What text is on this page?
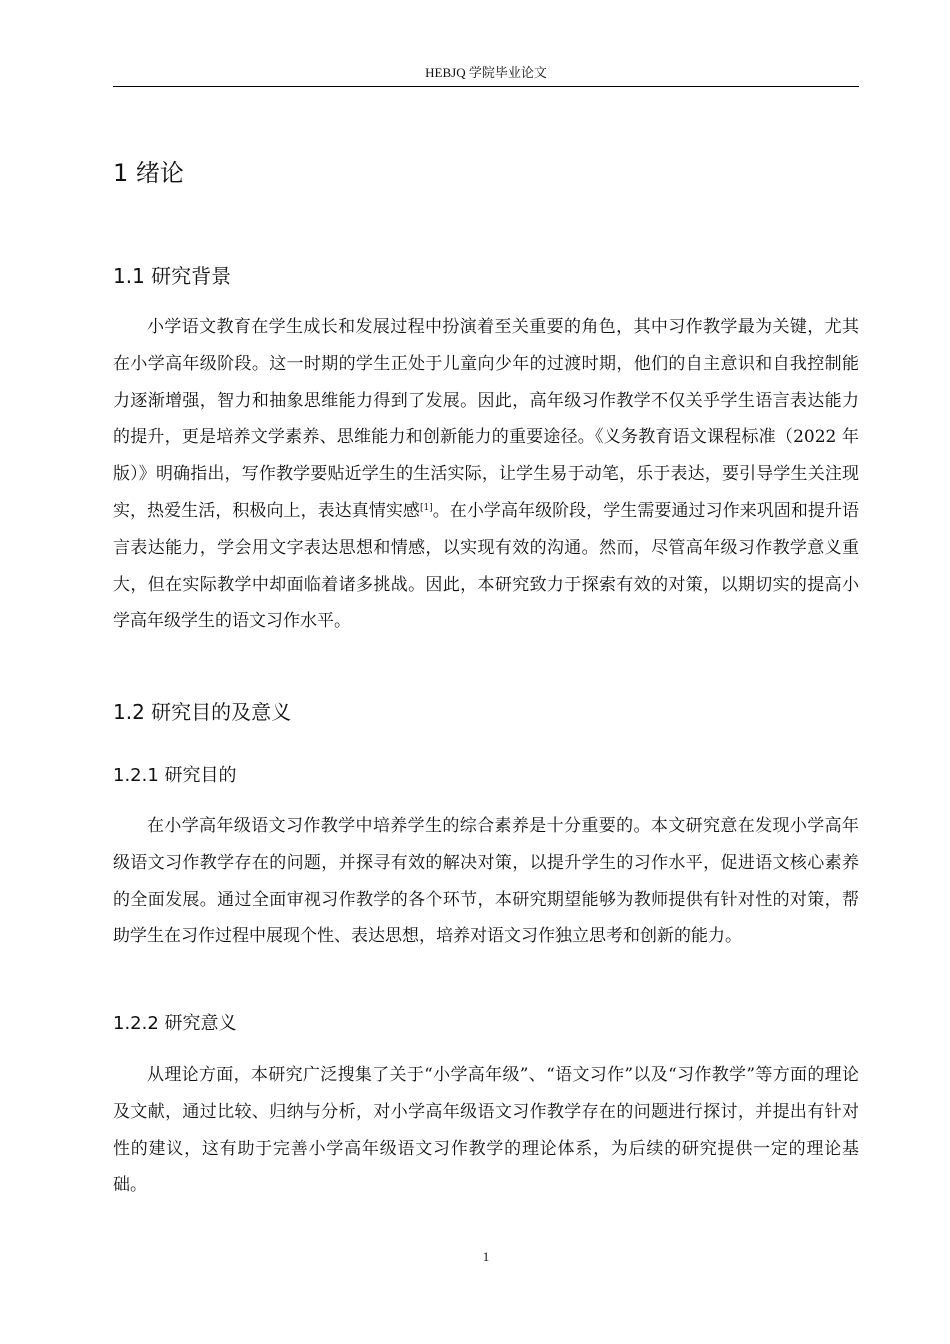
HEBJQ 学院毕业论文
1 绪论
1.1 研究背景

小学语文教育在学生成长和发展过程中扮演着至关重要的角色，其中习作教学最为关键，尤其在小学高年级阶段。这一时期的学生正处于儿童向少年的过渡时期，他们的自主意识和自我控制能力逐渐增强，智力和抽象思维能力得到了发展。因此，高年级习作教学不仅关乎学生语言表达能力的提升，更是培养文学素养、思维能力和创新能力的重要途径。《义务教育语文课程标准（2022 年版）》明确指出，写作教学要贴近学生的生活实际，让学生易于动笔，乐于表达，要引导学生关注现实，热爱生活，积极向上，表达真情实感[1]。在小学高年级阶段，学生需要通过习作来巩固和提升语言表达能力，学会用文字表达思想和情感，以实现有效的沟通。然而，尽管高年级习作教学意义重大，但在实际教学中却面临着诸多挑战。因此，本研究致力于探索有效的对策，以期切实的提高小学高年级学生的语文习作水平。

1.2 研究目的及意义
1.2.1 研究目的

在小学高年级语文习作教学中培养学生的综合素养是十分重要的。本文研究意在发现小学高年级语文习作教学存在的问题，并探寻有效的解决对策，以提升学生的习作水平，促进语文核心素养的全面发展。通过全面审视习作教学的各个环节，本研究期望能够为教师提供有针对性的对策，帮助学生在习作过程中展现个性、表达思想，培养对语文习作独立思考和创新的能力。

1.2.2 研究意义

从理论方面，本研究广泛搜集了关于“小学高年级”、“语文习作”以及“习作教学”等方面的理论及文献，通过比较、归纳与分析，对小学高年级语文习作教学存在的问题进行探讨，并提出有针对性的建议，这有助于完善小学高年级语文习作教学的理论体系，为后续的研究提供一定的理论基础。

1
